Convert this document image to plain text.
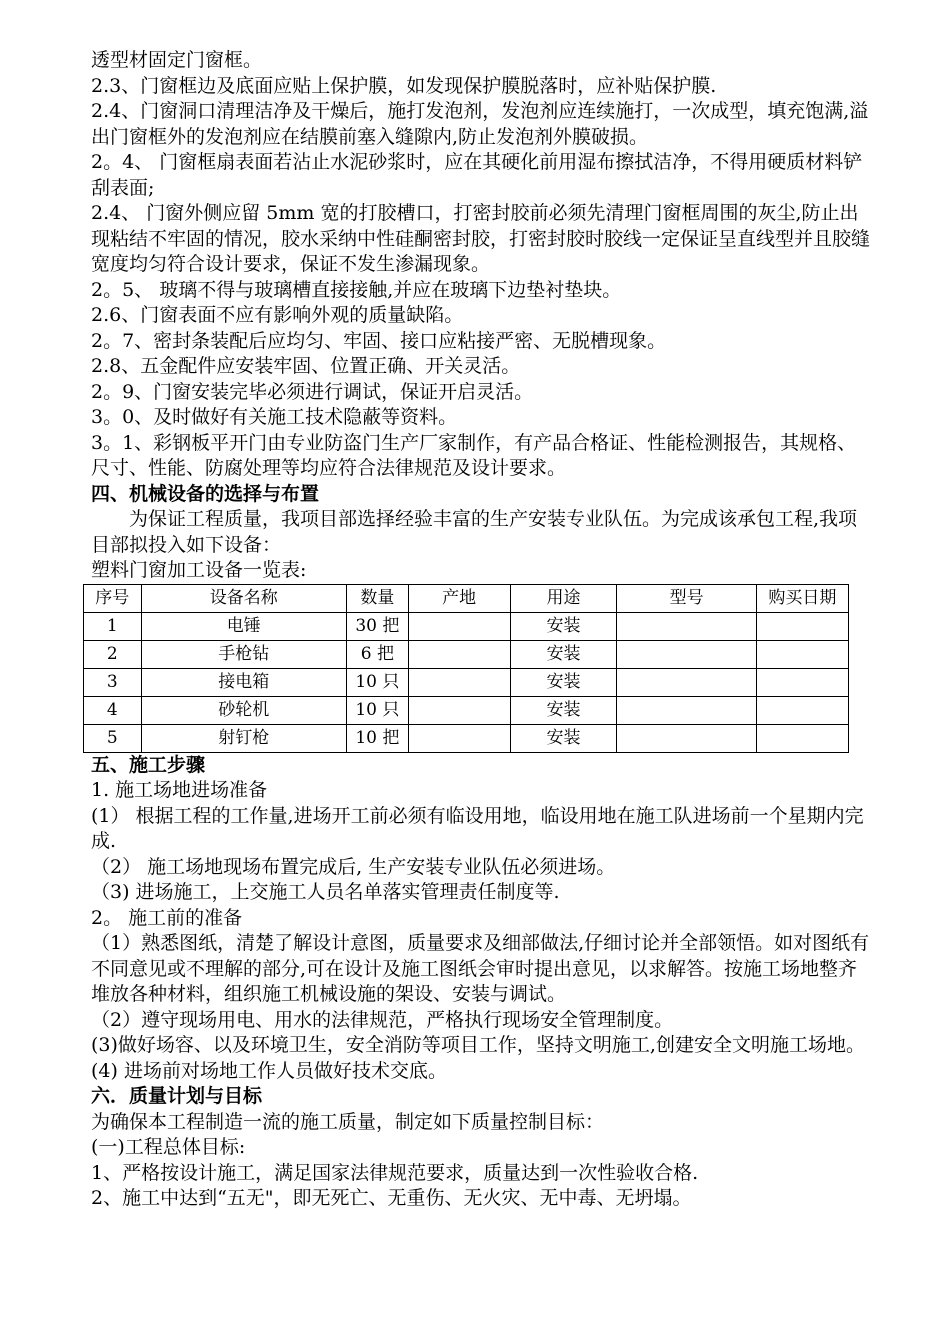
透型材固定门窗框。

2.3、门窗框边及底面应贴上保护膜，如发现保护膜脱落时，应补贴保护膜.

2.4、门窗洞口清理洁净及干燥后，施打发泡剂，发泡剂应连续施打，一次成型，填充饱满,溢出门窗框外的发泡剂应在结膜前塞入缝隙内,防止发泡剂外膜破损。

2。4、 门窗框扇表面若沾止水泥砂浆时，应在其硬化前用湿布擦拭洁净，不得用硬质材料铲刮表面;

2.4、 门窗外侧应留 5mm 宽的打胶槽口，打密封胶前必须先清理门窗框周围的灰尘,防止出现粘结不牢固的情况，胶水采纳中性硅酮密封胶，打密封胶时胶线一定保证呈直线型并且胶缝宽度均匀符合设计要求，保证不发生渗漏现象。

2。5、 玻璃不得与玻璃槽直接接触,并应在玻璃下边垫衬垫块。

2.6、门窗表面不应有影响外观的质量缺陷。

2。7、密封条装配后应均匀、牢固、接口应粘接严密、无脱槽现象。

2.8、五金配件应安装牢固、位置正确、开关灵活。

2。9、门窗安装完毕必须进行调试，保证开启灵活。

3。0、及时做好有关施工技术隐蔽等资料。

3。1、彩钢板平开门由专业防盗门生产厂家制作，有产品合格证、性能检测报告，其规格、尺寸、性能、防腐处理等均应符合法律规范及设计要求。

四、机械设备的选择与布置

为保证工程质量，我项目部选择经验丰富的生产安装专业队伍。为完成该承包工程,我项目部拟投入如下设备：

塑料门窗加工设备一览表:

序号	设备名称	数量	产地	用途	型号	购买日期
1	电锤	30 把		安装		
2	手枪钻	6 把		安装		
3	接电箱	10 只		安装		
4	砂轮机	10 只		安装		
5	射钉枪	10 把		安装		
五、施工步骤

1. 施工场地进场准备

(1） 根据工程的工作量,进场开工前必须有临设用地，临设用地在施工队进场前一个星期内完成.

（2） 施工场地现场布置完成后, 生产安装专业队伍必须进场。

（3) 进场施工，上交施工人员名单落实管理责任制度等.

2。 施工前的准备

（1）熟悉图纸，清楚了解设计意图，质量要求及细部做法,仔细讨论并全部领悟。如对图纸有不同意见或不理解的部分,可在设计及施工图纸会审时提出意见，以求解答。按施工场地整齐堆放各种材料，组织施工机械设施的架设、安装与调试。

（2）遵守现场用电、用水的法律规范，严格执行现场安全管理制度。

(3)做好场容、以及环境卫生，安全消防等项目工作，坚持文明施工,创建安全文明施工场地。

(4) 进场前对场地工作人员做好技术交底。

六．质量计划与目标

为确保本工程制造一流的施工质量，制定如下质量控制目标：

(一)工程总体目标:

1、严格按设计施工，满足国家法律规范要求，质量达到一次性验收合格.

2、施工中达到“五无"，即无死亡、无重伤、无火灾、无中毒、无坍塌。
